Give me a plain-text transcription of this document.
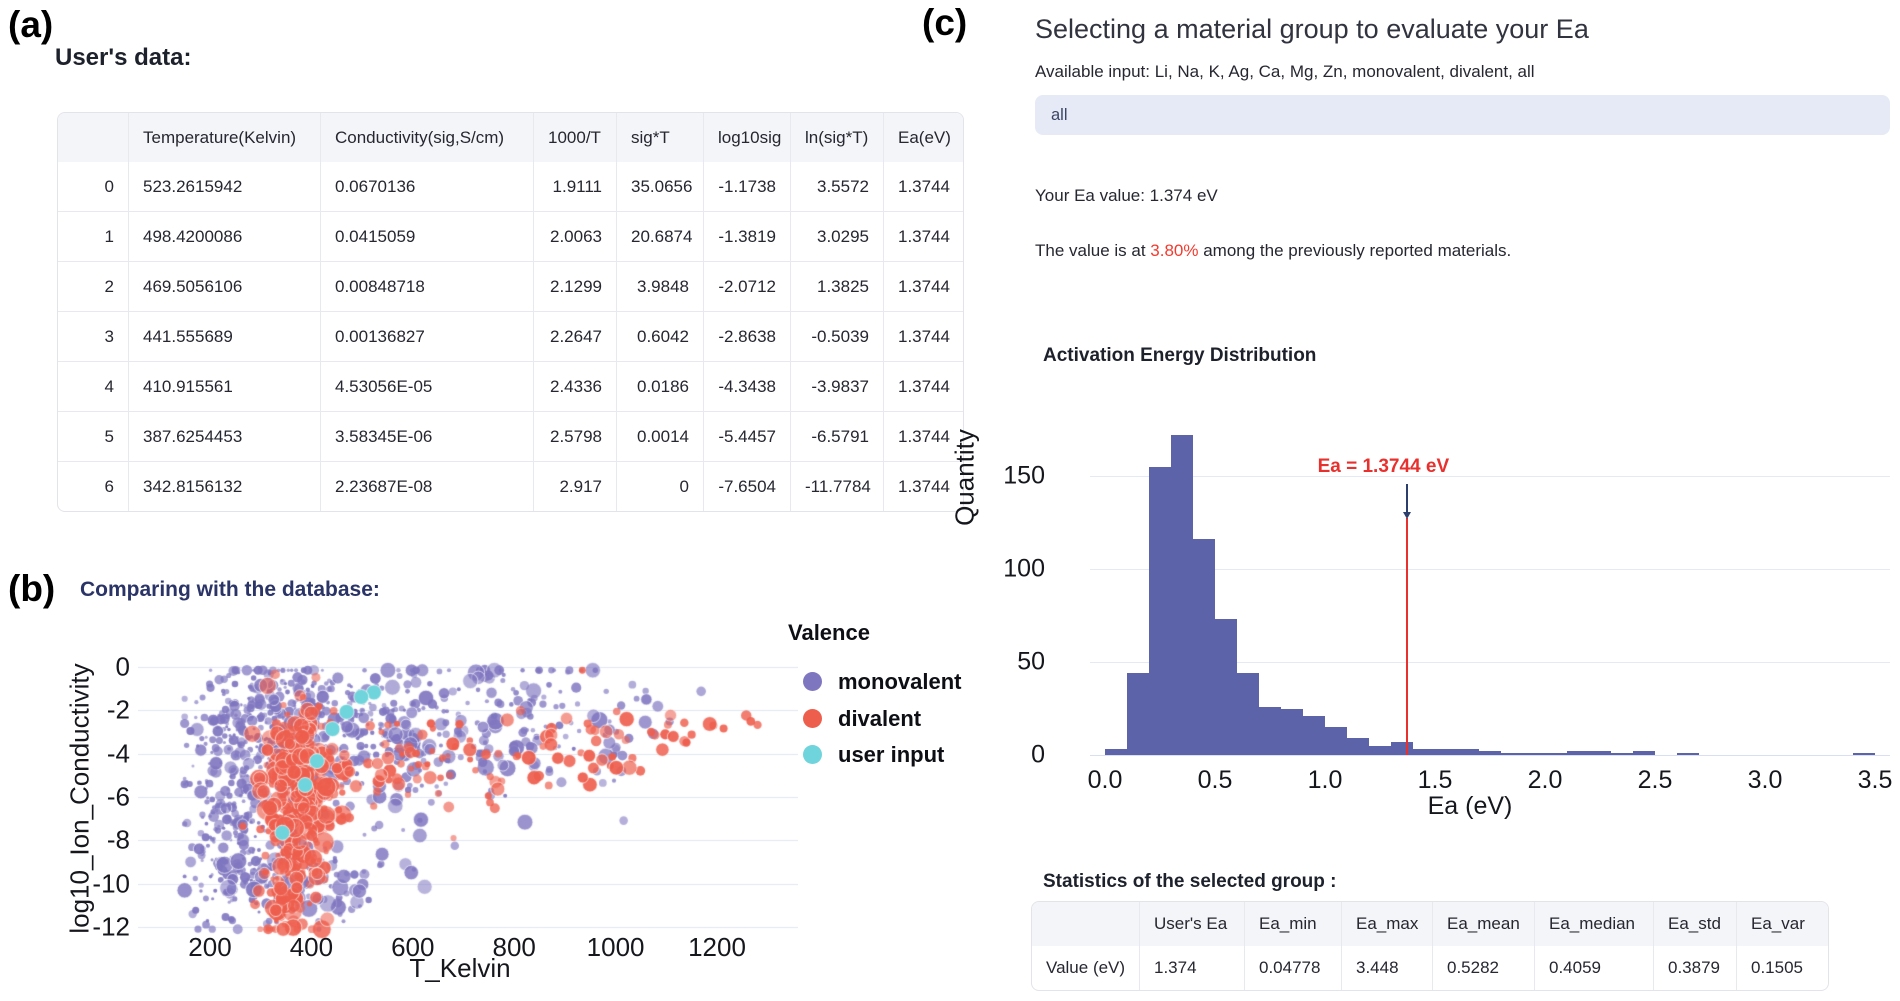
(a)
User's data:
	Temperature(Kelvin)	Conductivity(sig,S/cm)	1000/T	sig*T	log10sig	ln(sig*T)	Ea(eV)
0	523.2615942	0.0670136	1.9111	35.0656	-1.1738	3.5572	1.3744
1	498.4200086	0.0415059	2.0063	20.6874	-1.3819	3.0295	1.3744
2	469.5056106	0.00848718	2.1299	3.9848	-2.0712	1.3825	1.3744
3	441.555689	0.00136827	2.2647	0.6042	-2.8638	-0.5039	1.3744
4	410.915561	4.53056E-05	2.4336	0.0186	-4.3438	-3.9837	1.3744
5	387.6254453	3.58345E-06	2.5798	0.0014	-5.4457	-6.5791	1.3744
6	342.8156132	2.23687E-08	2.917	0	-7.6504	-11.7784	1.3744
(b) Comparing with the database:
0
-2
-4
-6
-8
-10
-12
200 400 600 800 1000 1200
log10_Ion_Conductivity
T_Kelvin
Valence
monovalent
divalent
user input
(c)	Selecting a material group to evaluate your Ea
Available input: Li, Na, K, Ag, Ca, Mg, Zn, monovalent, divalent, all
all
Your Ea value: 1.374 eV
The value is at 3.80% among the previously reported materials.
Activation Energy Distribution
Ea = 1.3744 eV
Quantity
Ea (eV)
0
50
100
150
0.0	0.5	1.0	1.5	2.0	2.5	3.0	3.5
Statistics of the selected group :
	User's Ea	Ea_min	Ea_max	Ea_mean	Ea_median	Ea_std	Ea_var
Value (eV)	1.374	0.04778	3.448	0.5282	0.4059	0.3879	0.1505
